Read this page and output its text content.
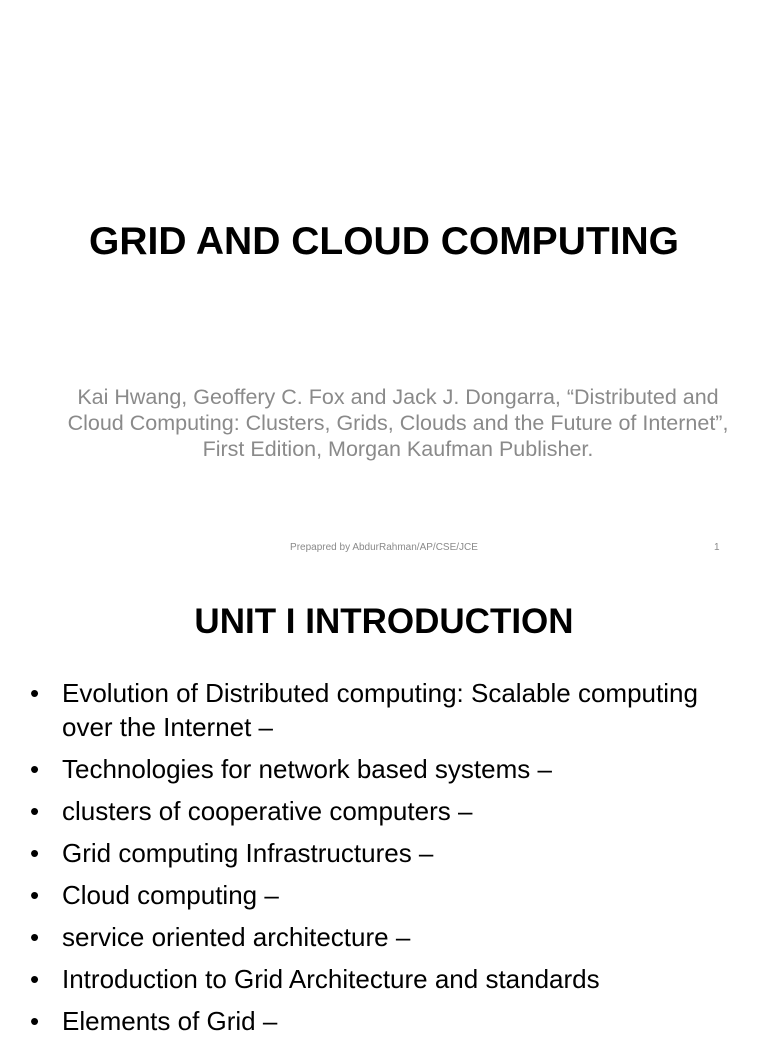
GRID AND CLOUD COMPUTING

Kai Hwang, Geoffery C. Fox and Jack J. Dongarra, “Distributed and Cloud Computing: Clusters, Grids, Clouds and the Future of Internet”, First Edition, Morgan Kaufman Publisher.

Prepapred by AbdurRahman/AP/CSE/JCE	1
UNIT I INTRODUCTION
• Evolution of Distributed computing: Scalable computing over the Internet –
• Technologies for network based systems –
• clusters of cooperative computers –
• Grid computing Infrastructures –
• Cloud computing –
• service oriented architecture –
• Introduction to Grid Architecture and standards
• Elements of Grid –
